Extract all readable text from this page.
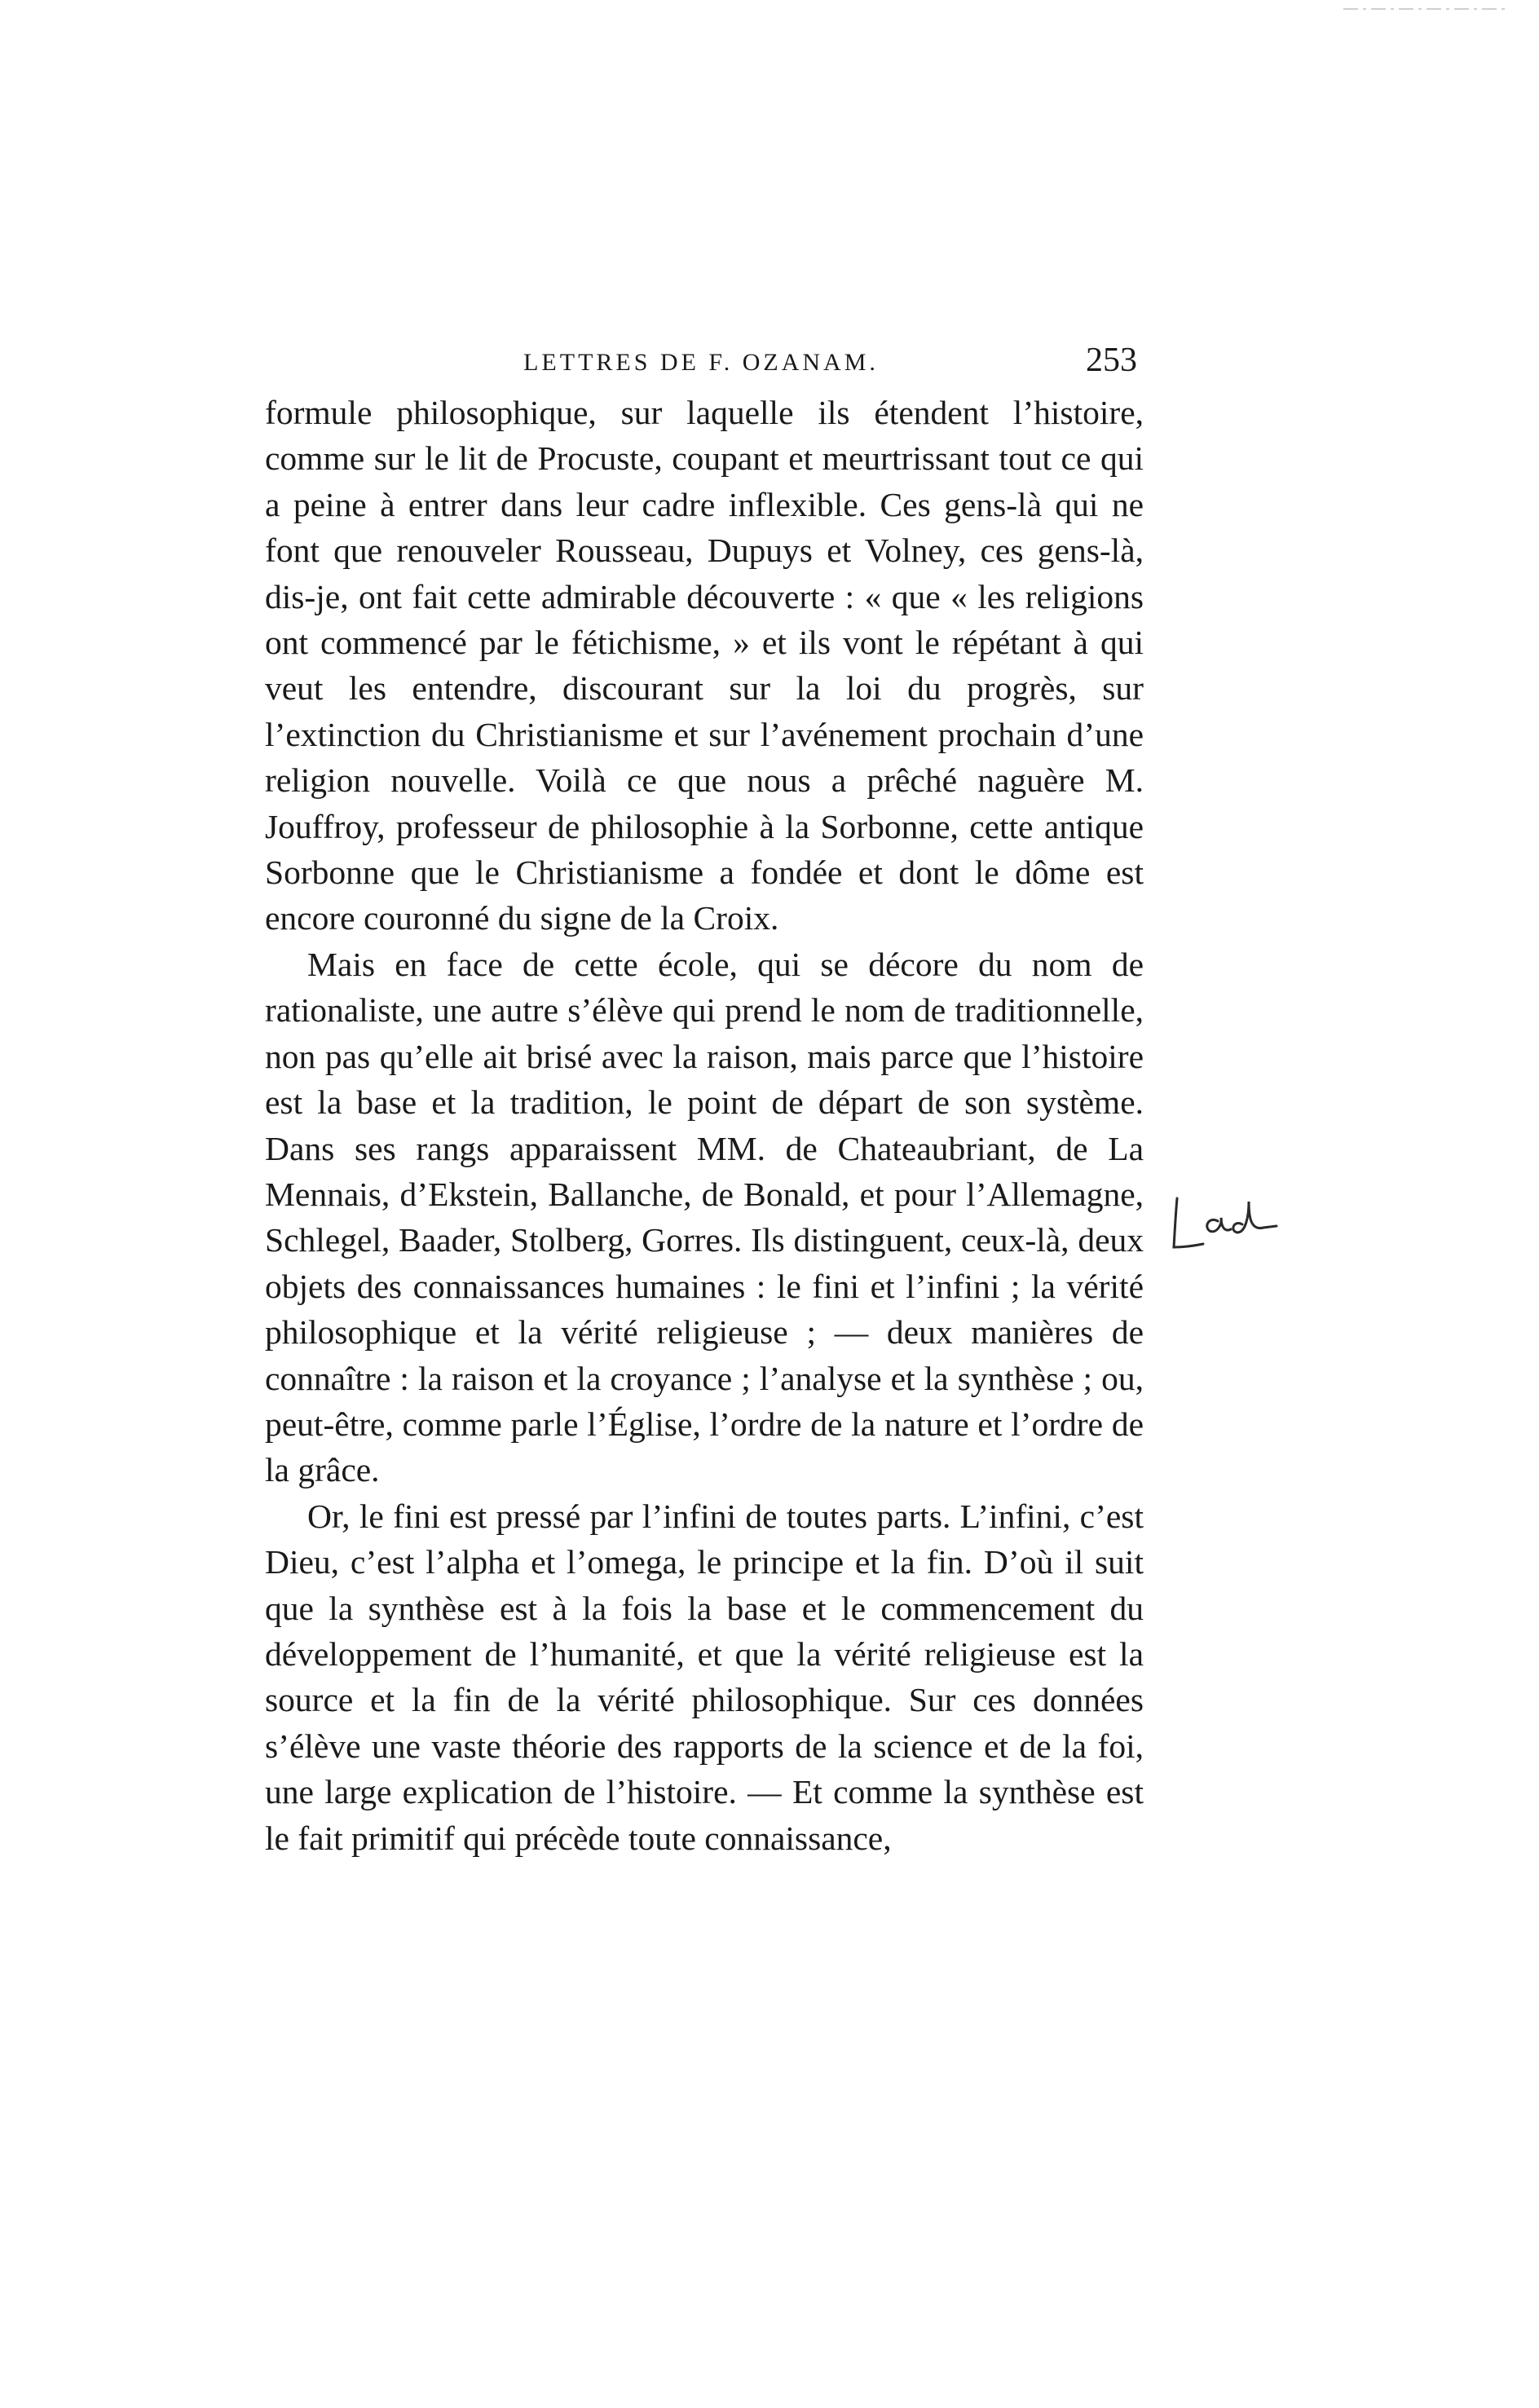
LETTRES DE F. OZANAM.	253

formule philosophique, sur laquelle ils étendent l’histoire, comme sur le lit de Procuste, coupant et meurtrissant tout ce qui a peine à entrer dans leur cadre inflexible. Ces gens-là qui ne font que renouveler Rousseau, Dupuys et Volney, ces gens-là, dis-je, ont fait cette admirable découverte : « que « les religions ont commencé par le fétichisme, » et ils vont le répétant à qui veut les entendre, discourant sur la loi du progrès, sur l’extinction du Christianisme et sur l’avénement prochain d’une religion nouvelle. Voilà ce que nous a prêché naguère M. Jouffroy, professeur de philosophie à la Sorbonne, cette antique Sorbonne que le Christianisme a fondée et dont le dôme est encore couronné du signe de la Croix.

Mais en face de cette école, qui se décore du nom de rationaliste, une autre s’élève qui prend le nom de traditionnelle, non pas qu’elle ait brisé avec la raison, mais parce que l’histoire est la base et la tradition, le point de départ de son système. Dans ses rangs apparaissent MM. de Chateaubriant, de La Mennais, d’Ekstein, Ballanche, de Bonald, et pour l’Allemagne, Schlegel, Baader, Stolberg, Gorres. Ils distinguent, ceux-là, deux objets des connaissances humaines : le fini et l’infini ; la vérité philosophique et la vérité religieuse ; — deux manières de connaître : la raison et la croyance ; l’analyse et la synthèse ; ou, peut-être, comme parle l’Église, l’ordre de la nature et l’ordre de la grâce.

Or, le fini est pressé par l’infini de toutes parts. L’infini, c’est Dieu, c’est l’alpha et l’omega, le principe et la fin. D’où il suit que la synthèse est à la fois la base et le commencement du développement de l’humanité, et que la vérité religieuse est la source et la fin de la vérité philosophique. Sur ces données s’élève une vaste théorie des rapports de la science et de la foi, une large explication de l’histoire. — Et comme la synthèse est le fait primitif qui précède toute connaissance,
